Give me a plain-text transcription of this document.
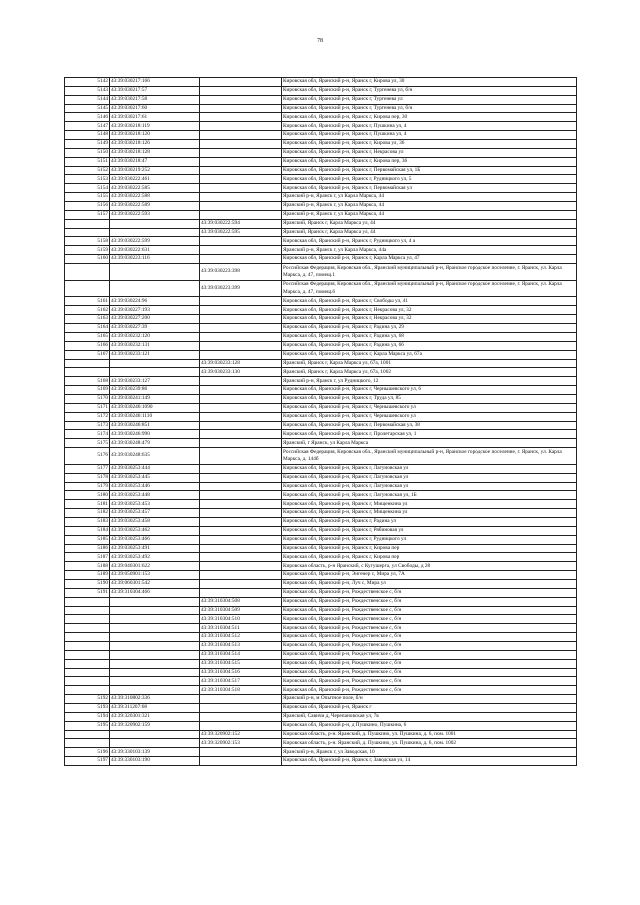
78
5142	43:39:030217:166		Кировская обл, Яранский р-н, Яранск г, Кирова ул, 30
5143	43:39:030217:57		Кировская обл, Яранский р-н, Яранск г, Тургенева ул, б/н
5144	43:39:030217:58		Кировская обл, Яранский р-н, Яранск г, Тургенева ул
5145	43:39:030217:60		Кировская обл, Яранский р-н, Яранск г, Тургенева ул, б/н
5146	43:39:030217:61		Кировская обл, Яранский р-н, Яранск г, Кирова пер, 30
5147	43:39:030218:119		Кировская обл, Яранский р-н, Яранск г, Пушкина ул, 4
5148	43:39:030218:120		Кировская обл, Яранский р-н, Яранск г, Пушкина ул, 4
5149	43:39:030218:126		Кировская обл, Яранский р-н, Яранск г, Кирова ул, 36
5150	43:39:030218:128		Кировская обл, Яранский р-н, Яранск г, Некрасова ул
5151	43:39:030218:47		Кировская обл, Яранский р-н, Яранск г, Кирова пер, 36
5152	43:39:030219:252		Кировская обл, Яранский р-н, Яранск г, Первомайская ул, 1Б
5153	43:39:030222:461		Кировская обл, Яранский р-н, Яранск г, Рудницкого ул, 5
5154	43:39:030222:585		Кировская обл, Яранский р-н, Яранск г, Первомайская ул
5155	43:39:030222:588		Яранский р-н, Яранск г, ул Карла Маркса, 44
5156	43:39:030222:589		Яранский р-н, Яранск г, ул Карла Маркса, 44
5157	43:39:030222:593		Яранский р-н, Яранск г, ул Карла Маркса, 44
		43:39:030222:594	Яранский, Яранск г, Карла Маркса ул, 44
		43:39:030222:595	Яранский, Яранск г, Карла Маркса ул, 44
5158	43:39:030222:599		Кировская обл, Яранский р-н, Яранск г, Рудницкого ул, 4 а
5159	43:39:030222:631		Яранский р-н, Яранск г, ул Карла Маркса, 44а
5160	43:39:030223:116		Кировская обл, Яранский р-н, Яранск г, Карла Маркса ул, 47
		43:39:030223:398	Российская Федерация, Кировская обл., Яранский муниципальный р-н, Яранское городское поселение, г. Яранск, ул. Карла Маркса, д. 47, помещ.1
		43:39:030223:399	Российская Федерация, Кировская обл., Яранский муниципальный р-н, Яранское городское поселение, г. Яранск, ул. Карла Маркса, д. 47, помещ.6
5161	43:39:030224:96		Кировская обл, Яранский р-н, Яранск г, Свободы ул, 41
5162	43:39:030227:193		Кировская обл, Яранский р-н, Яранск г, Некрасова ул, 32
5163	43:39:030227:200		Кировская обл, Яранский р-н, Яранск г, Некрасова ул, 32
5164	43:39:030227:39		Кировская обл, Яранский р-н, Яранск г, Радина ул, 29
5165	43:39:030232:120		Кировская обл, Яранский р-н, Яранск г, Радина ул, 68
5166	43:39:030232:131		Кировская обл, Яранский р-н, Яранск г, Радина ул, 66
5167	43:39:030233:121		Кировская обл, Яранский р-н, Яранск г, Карла Маркса ул, 67а
		43:39:030233:128	Яранский, Яранск г, Карла Маркса ул, 67а, 1001
		43:39:030233:130	Яранский, Яранск г, Карла Маркса ул, 67а, 1002
5168	43:39:030233:127		Яранский р-н, Яранск г, ул Рудницкого, 12
5169	43:39:030239:86		Кировская обл, Яранский р-н, Яранск г, Чернышевского ул, 6
5170	43:39:030241:149		Кировская обл, Яранский р-н, Яранск г, Труда ул, 85
5171	43:39:030246:1090		Кировская обл, Яранский р-н, Яранск г, Чернышевского ул
5172	43:39:030246:1110		Кировская обл, Яранский р-н, Яранск г, Чернышевского ул
5173	43:39:030246:851		Кировская обл, Яранский р-н, Яранск г, Первомайская ул, 38
5174	43:39:030246:990		Кировская обл, Яранский р-н, Яранск г, Пролетарская ул, 1
5175	43:39:030248:479		Яранский, г Яранск, ул Карла Маркса
5176	43:39:030248:635		Российская Федерация, Кировская обл., Яранский муниципальный р-н, Яранское городское поселение, г. Яранск, ул. Карла Маркса, д. 144б
5177	43:39:030253:444		Кировская обл, Яранский р-н, Яранск г, Лагуновская ул
5178	43:39:030253:445		Кировская обл, Яранский р-н, Яранск г, Лагуновская ул
5179	43:39:030253:446		Кировская обл, Яранский р-н, Яранск г, Лагуновская ул
5180	43:39:030253:448		Кировская обл, Яранский р-н, Яранск г, Лагуновская ул, 1Б
5181	43:39:030253:453		Кировская обл, Яранский р-н, Яранск г, Мищенкина ул
5182	43:39:030253:457		Кировская обл, Яранский р-н, Яранск г, Мищенкина ул
5183	43:39:030253:458		Кировская обл, Яранский р-н, Яранск г, Радина ул
5184	43:39:030253:462		Кировская обл, Яранский р-н, Яранск г, Рябиновая ул
5185	43:39:030253:466		Кировская обл, Яранский р-н, Яранск г, Рудницкого ул
5186	43:39:030253:491		Кировская обл, Яранский р-н, Яранск г, Кирова пер
5187	43:39:030253:492		Кировская обл, Яранский р-н, Яранск г, Кирова пер
5188	43:39:040301:622		Кировская область, р-н Яранский, с Кугушерга, ул Свободы, д 28
5189	43:39:050901:153		Кировская обл, Яранский р-н, Энгенер с, Мира ул, 7А
5190	43:39:060301:542		Кировская обл, Яранский р-н, Луч с, Мира ул
5191	43:39:310304:466		Кировская обл, Яранский р-н, Рождественское с, б/н
		43:39:310304:508	Кировская обл, Яранский р-н, Рождественское с, б/н
		43:39:310304:509	Кировская обл, Яранский р-н, Рождественское с, б/н
		43:39:310304:510	Кировская обл, Яранский р-н, Рождественское с, б/н
		43:39:310304:511	Кировская обл, Яранский р-н, Рождественское с, б/н
		43:39:310304:512	Кировская обл, Яранский р-н, Рождественское с, б/н
		43:39:310304:513	Кировская обл, Яранский р-н, Рождественское с, б/н
		43:39:310304:514	Кировская обл, Яранский р-н, Рождественское с, б/н
		43:39:310304:515	Кировская обл, Яранский р-н, Рождественское с, б/н
		43:39:310304:516	Кировская обл, Яранский р-н, Рождественское с, б/н
		43:39:310304:517	Кировская обл, Яранский р-н, Рождественское с, б/н
		43:39:310304:518	Кировская обл, Яранский р-н, Рождественское с, б/н
5192	43:39:310802:336		Яранский р-н, м Опытное поле, б/н
5193	43:39:311207:68		Кировская обл, Яранский р-н, Яранск г
5194	43:39:320301:321		Яранский, Савичи д, Черепановская ул, 7в
5195	43:39:320902:159		Кировская обл, Яранский р-н, д Пушкино, Пушкина, 6
		43:39:320902:152	Кировская область, р-н. Яранский, д. Пушкино, ул. Пушкина, д. 6, пом. 1001
		43:39:320902:153	Кировская область, р-н. Яранский, д. Пушкино, ул. Пушкина, д. 6, пом. 1002
5196	43:39:330103:139		Яранский р-н, Яранск г, ул Заводская, 10
5197	43:39:330103:190		Кировская обл, Яранский р-н, Яранск г, Заводская ул, 14
